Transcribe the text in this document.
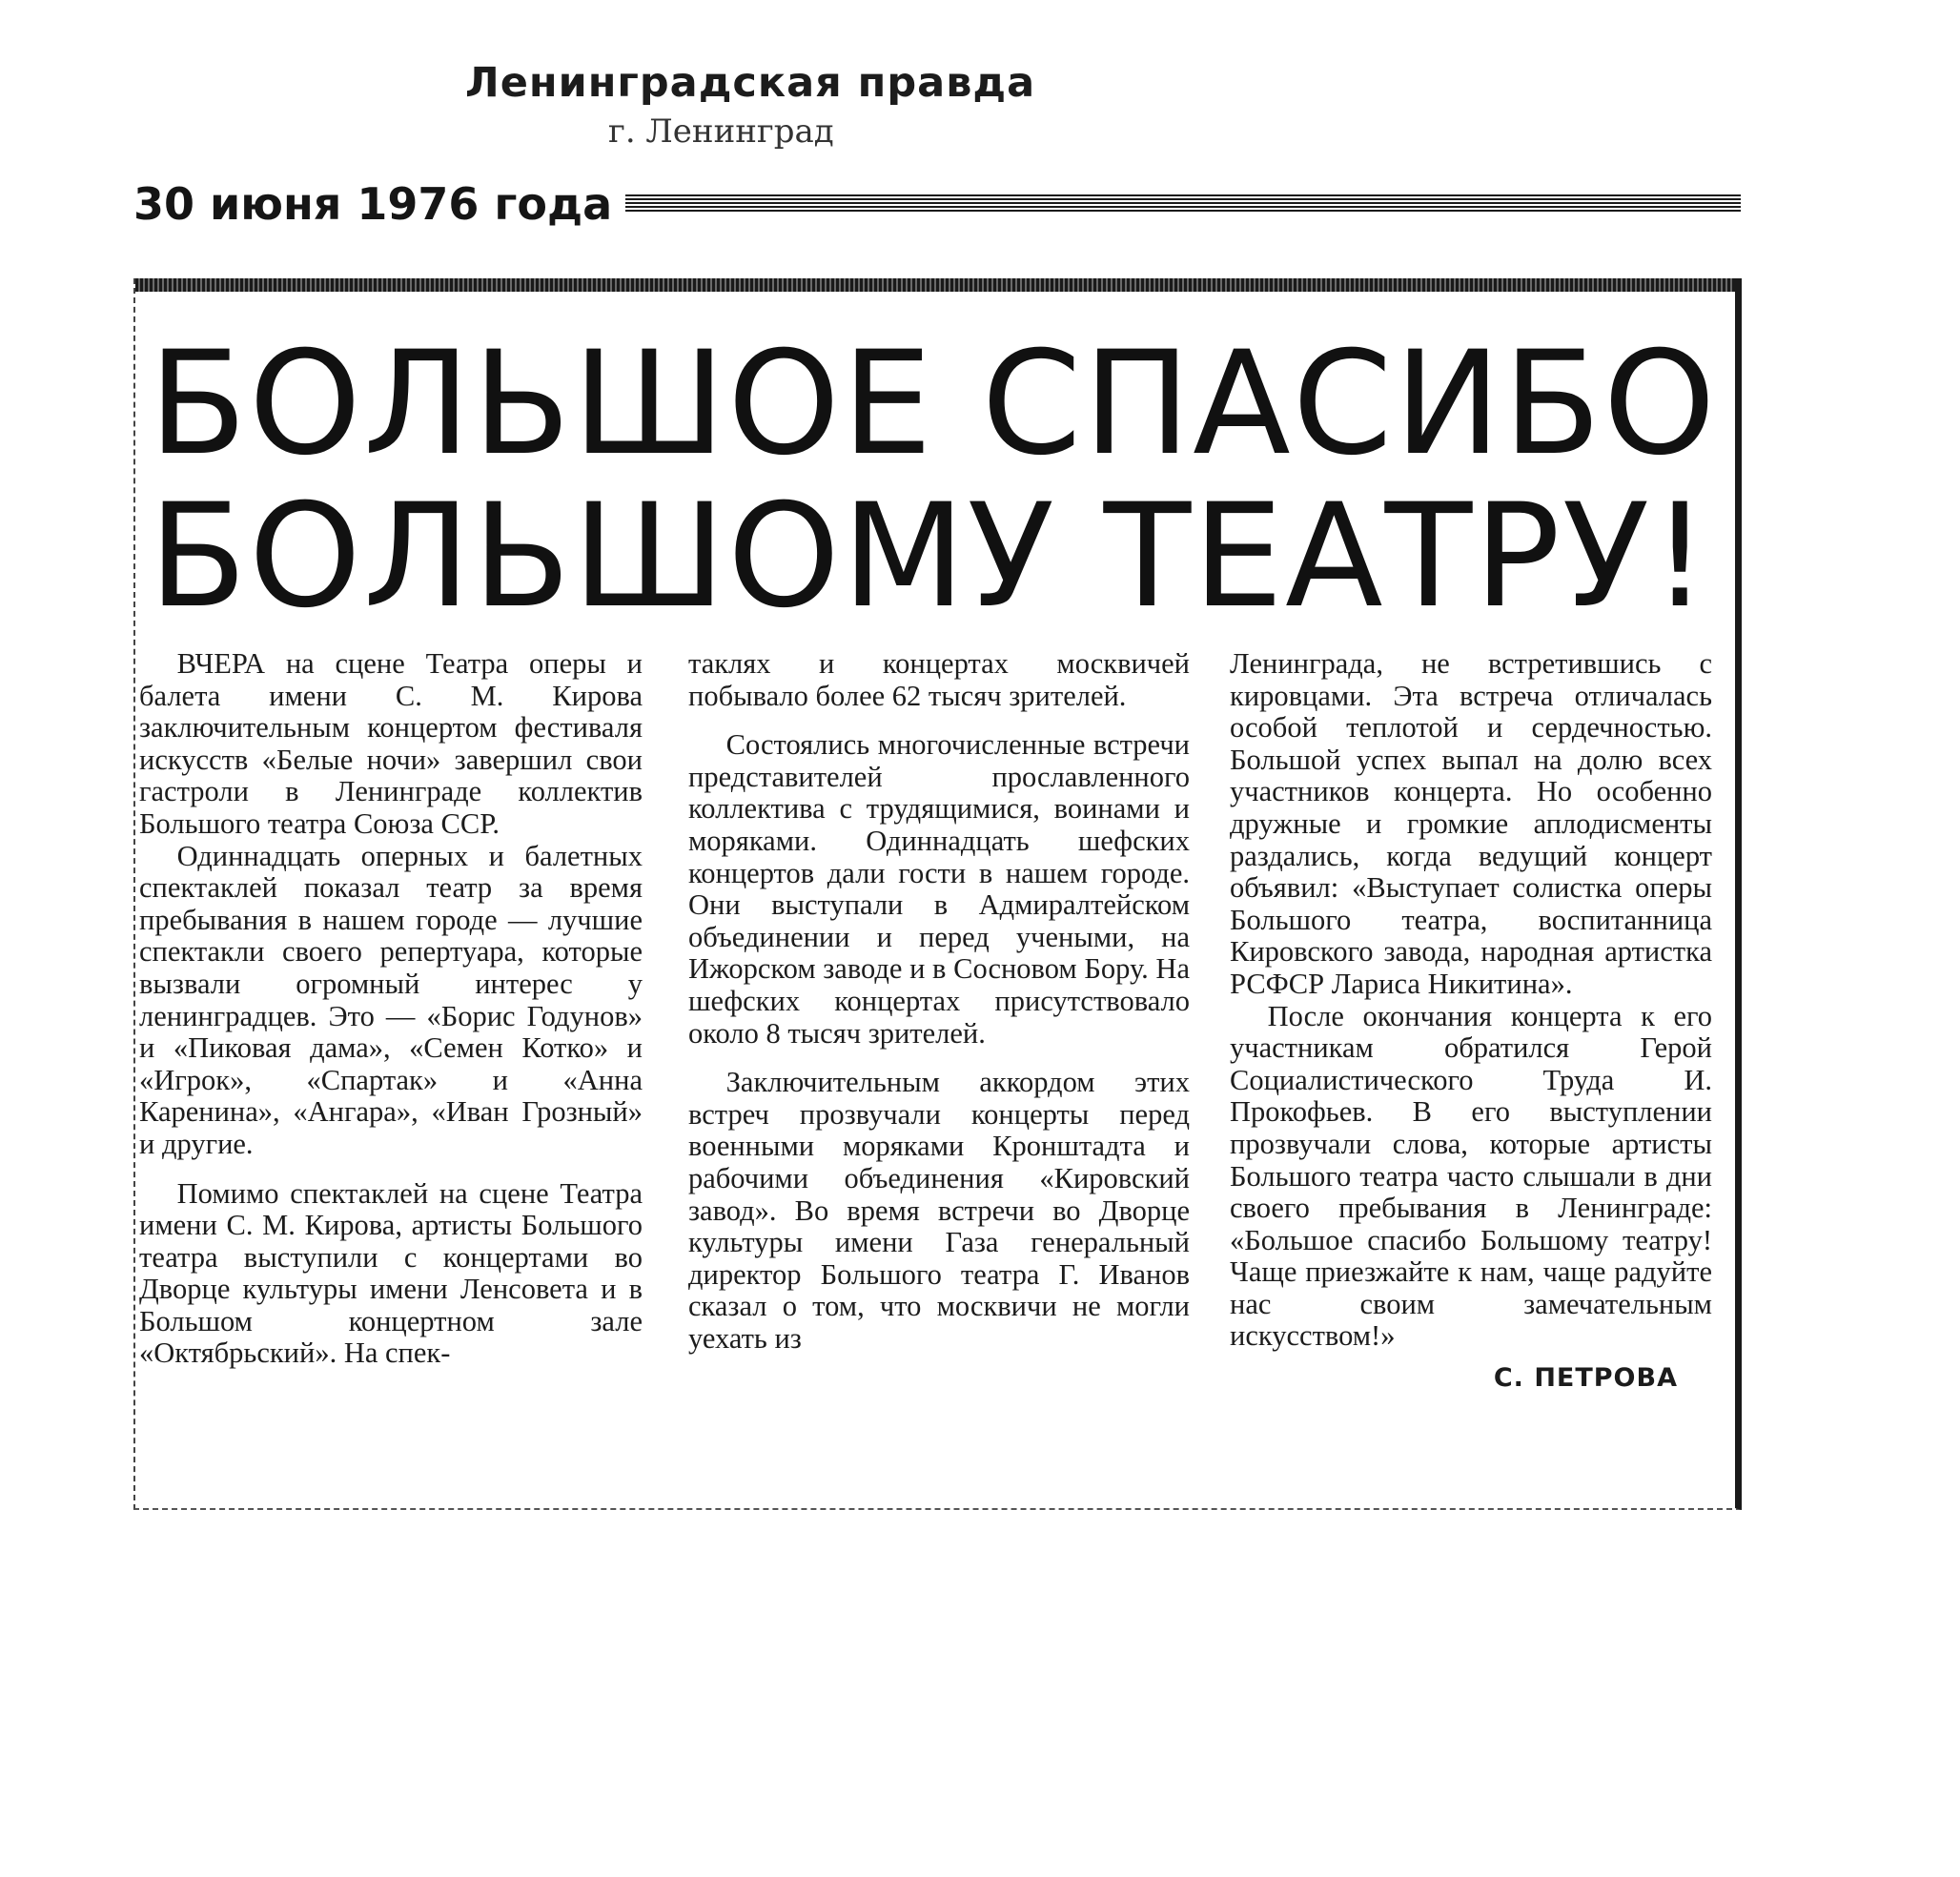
Ленинградская правда
г. Ленинград
30 июня 1976 года
БОЛЬШОЕ СПАСИБО
БОЛЬШОМУ ТЕАТРУ!

ВЧЕРА на сцене Театра оперы и балета имени С. М. Кирова заключительным концертом фестиваля искусств «Белые ночи» завершил свои гастроли в Ленинграде коллектив Большого театра Союза ССР.

Одиннадцать оперных и балетных спектаклей показал театр за время пребывания в нашем городе — лучшие спектакли своего репертуара, которые вызвали огромный интерес у ленинградцев. Это — «Борис Годунов» и «Пиковая дама», «Семен Котко» и «Игрок», «Спартак» и «Анна Каренина», «Ангара», «Иван Грозный» и другие.

Помимо спектаклей на сцене Театра имени С. М. Кирова, артисты Большого театра выступили с концертами во Дворце культуры имени Ленсовета и в Большом концертном зале «Октябрьский». На спек-

таклях и концертах москвичей побывало более 62 тысяч зрителей.

Состоялись многочисленные встречи представителей прославленного коллектива с трудящимися, воинами и моряками. Одиннадцать шефских концертов дали гости в нашем городе. Они выступали в Адмиралтейском объединении и перед учеными, на Ижорском заводе и в Сосновом Бору. На шефских концертах присутствовало около 8 тысяч зрителей.

Заключительным аккордом этих встреч прозвучали концерты перед военными моряками Кронштадта и рабочими объединения «Кировский завод». Во время встречи во Дворце культуры имени Газа генеральный директор Большого театра Г. Иванов сказал о том, что москвичи не могли уехать из

Ленинграда, не встретившись с кировцами. Эта встреча отличалась особой теплотой и сердечностью. Большой успех выпал на долю всех участников концерта. Но особенно дружные и громкие аплодисменты раздались, когда ведущий концерт объявил: «Выступает солистка оперы Большого театра, воспитанница Кировского завода, народная артистка РСФСР Лариса Никитина».

После окончания концерта к его участникам обратился Герой Социалистического Труда И. Прокофьев. В его выступлении прозвучали слова, которые артисты Большого театра часто слышали в дни своего пребывания в Ленинграде: «Большое спасибо Большому театру! Чаще приезжайте к нам, чаще радуйте нас своим замечательным искусством!»

С. ПЕТРОВА
